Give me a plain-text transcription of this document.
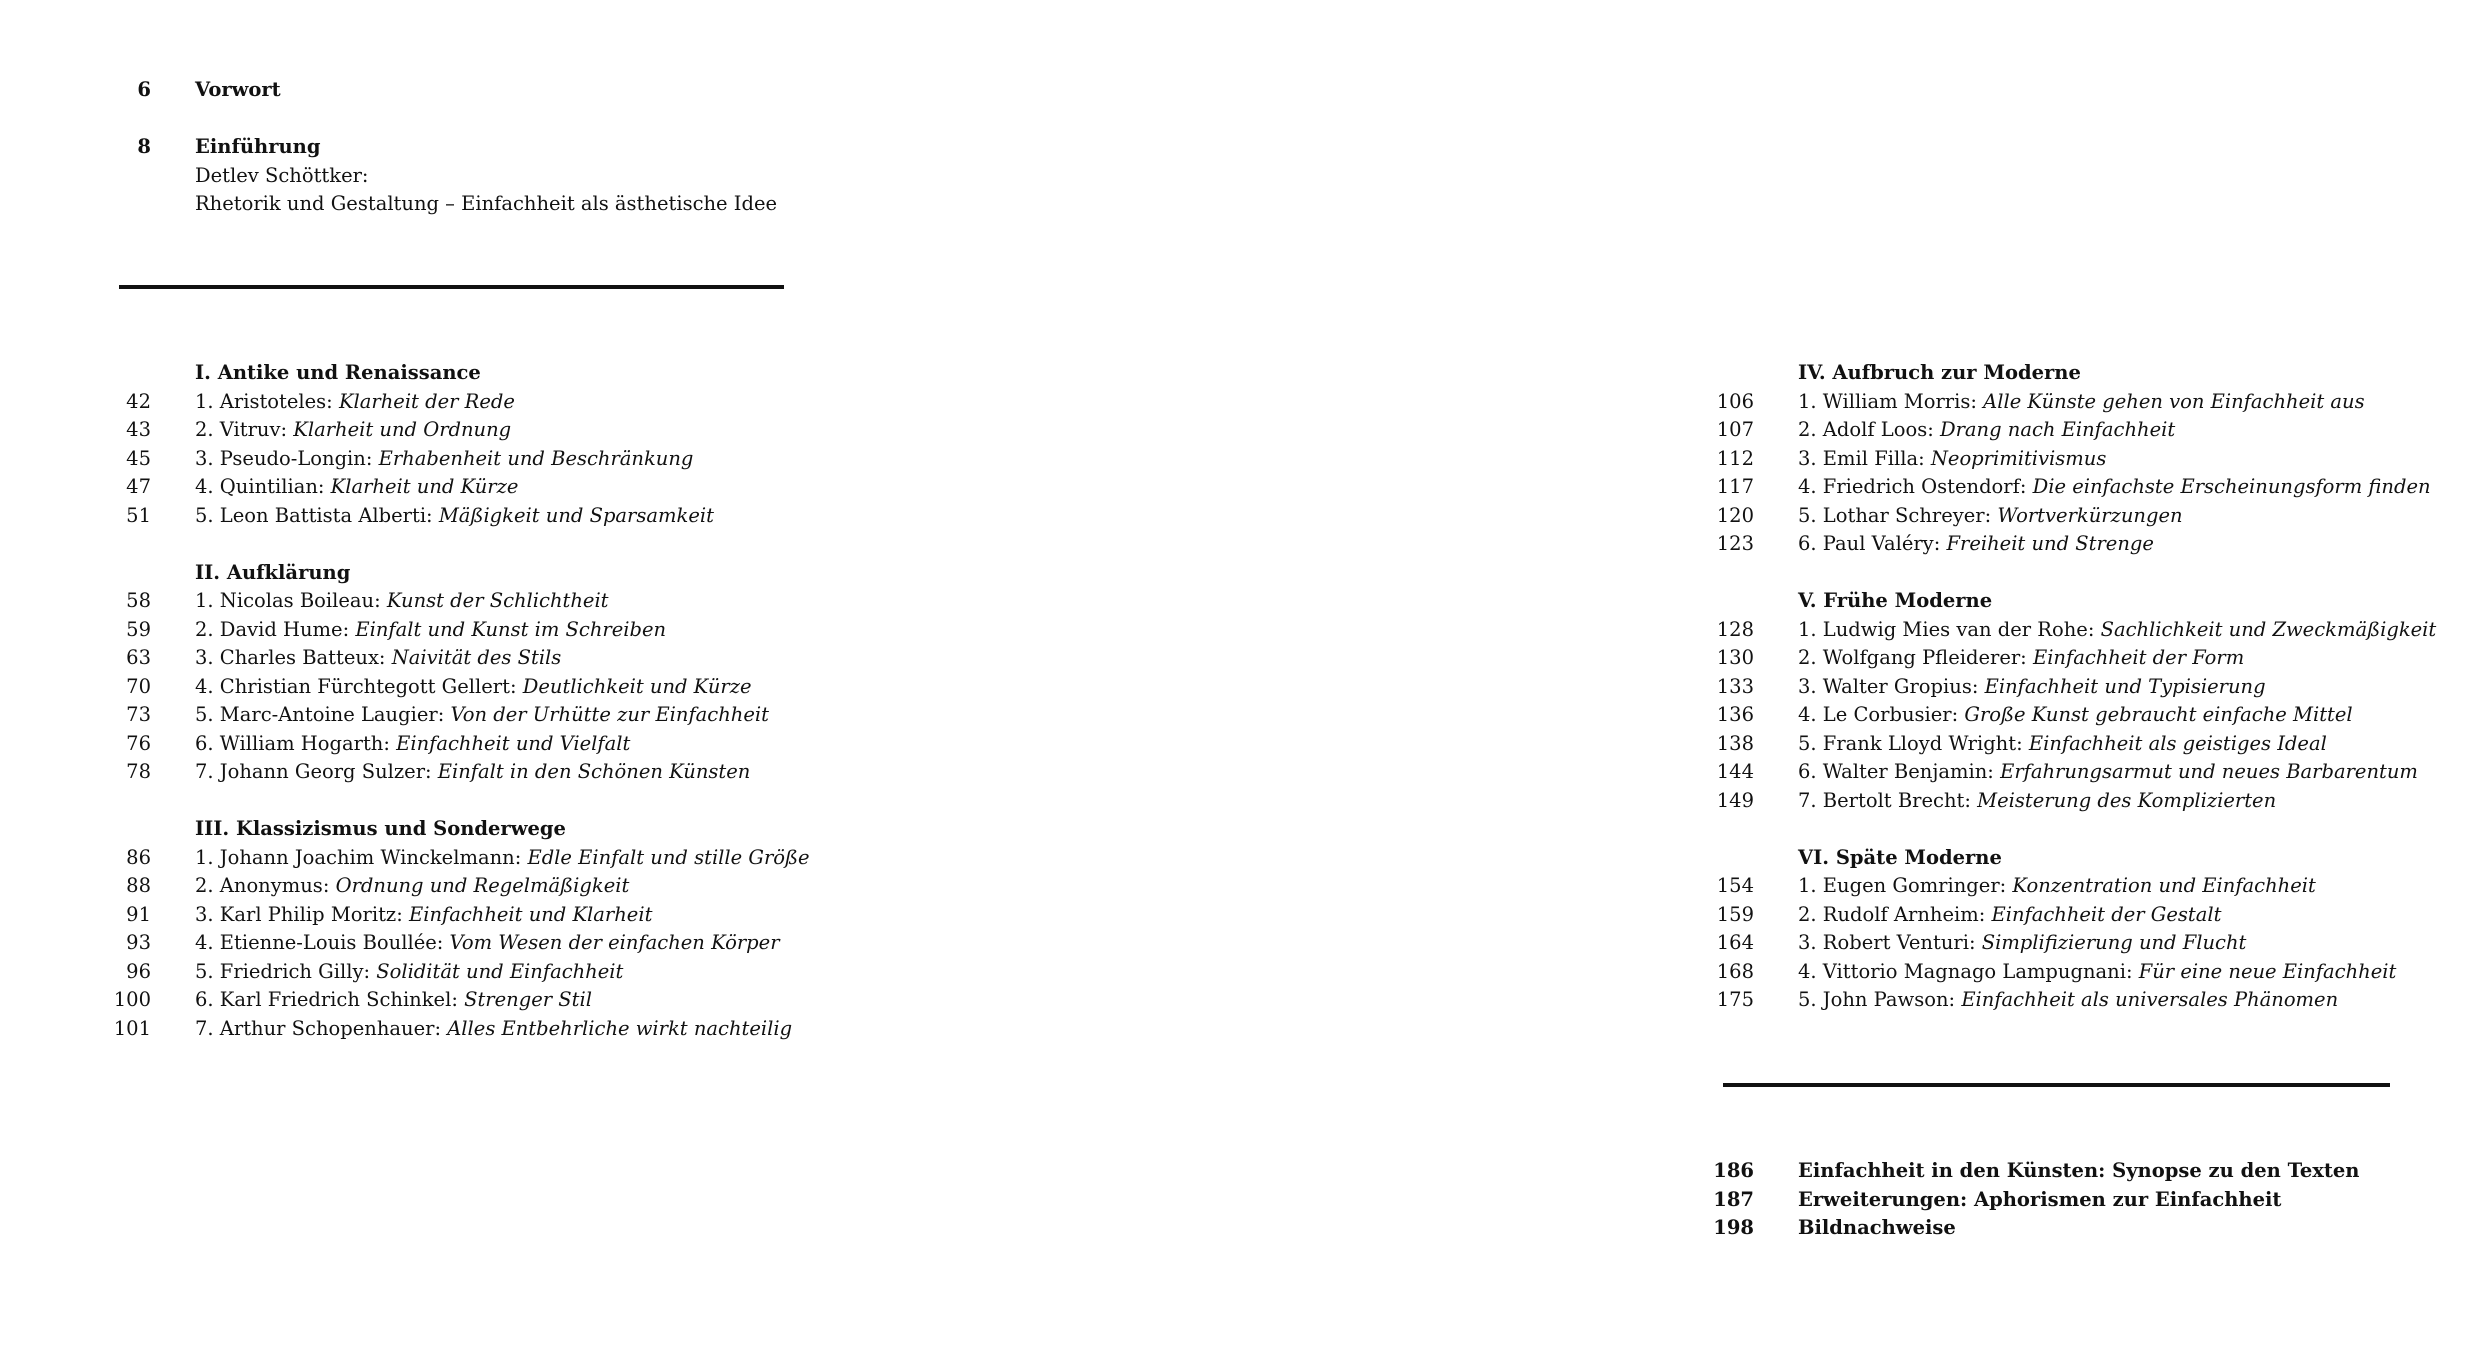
6 Vorwort
8 Einführung
Detlev Schöttker:
Rhetorik und Gestaltung – Einfachheit als ästhetische Idee
I. Antike und Renaissance
42 1. Aristoteles: Klarheit der Rede
43 2. Vitruv: Klarheit und Ordnung
45 3. Pseudo-Longin: Erhabenheit und Beschränkung
47 4. Quintilian: Klarheit und Kürze
51 5. Leon Battista Alberti: Mäßigkeit und Sparsamkeit
II. Aufklärung
58 1. Nicolas Boileau: Kunst der Schlichtheit
59 2. David Hume: Einfalt und Kunst im Schreiben
63 3. Charles Batteux: Naivität des Stils
70 4. Christian Fürchtegott Gellert: Deutlichkeit und Kürze
73 5. Marc-Antoine Laugier: Von der Urhütte zur Einfachheit
76 6. William Hogarth: Einfachheit und Vielfalt
78 7. Johann Georg Sulzer: Einfalt in den Schönen Künsten
III. Klassizismus und Sonderwege
86 1. Johann Joachim Winckelmann: Edle Einfalt und stille Größe
88 2. Anonymus: Ordnung und Regelmäßigkeit
91 3. Karl Philip Moritz: Einfachheit und Klarheit
93 4. Etienne-Louis Boullée: Vom Wesen der einfachen Körper
96 5. Friedrich Gilly: Solidität und Einfachheit
100 6. Karl Friedrich Schinkel: Strenger Stil
101 7. Arthur Schopenhauer: Alles Entbehrliche wirkt nachteilig
IV. Aufbruch zur Moderne
106 1. William Morris: Alle Künste gehen von Einfachheit aus
107 2. Adolf Loos: Drang nach Einfachheit
112 3. Emil Filla: Neoprimitivismus
117 4. Friedrich Ostendorf: Die einfachste Erscheinungsform finden
120 5. Lothar Schreyer: Wortverkürzungen
123 6. Paul Valéry: Freiheit und Strenge
V. Frühe Moderne
128 1. Ludwig Mies van der Rohe: Sachlichkeit und Zweckmäßigkeit
130 2. Wolfgang Pfleiderer: Einfachheit der Form
133 3. Walter Gropius: Einfachheit und Typisierung
136 4. Le Corbusier: Große Kunst gebraucht einfache Mittel
138 5. Frank Lloyd Wright: Einfachheit als geistiges Ideal
144 6. Walter Benjamin: Erfahrungsarmut und neues Barbarentum
149 7. Bertolt Brecht: Meisterung des Komplizierten
VI. Späte Moderne
154 1. Eugen Gomringer: Konzentration und Einfachheit
159 2. Rudolf Arnheim: Einfachheit der Gestalt
164 3. Robert Venturi: Simplifizierung und Flucht
168 4. Vittorio Magnago Lampugnani: Für eine neue Einfachheit
175 5. John Pawson: Einfachheit als universales Phänomen
186 Einfachheit in den Künsten: Synopse zu den Texten
187 Erweiterungen: Aphorismen zur Einfachheit
198 Bildnachweise
